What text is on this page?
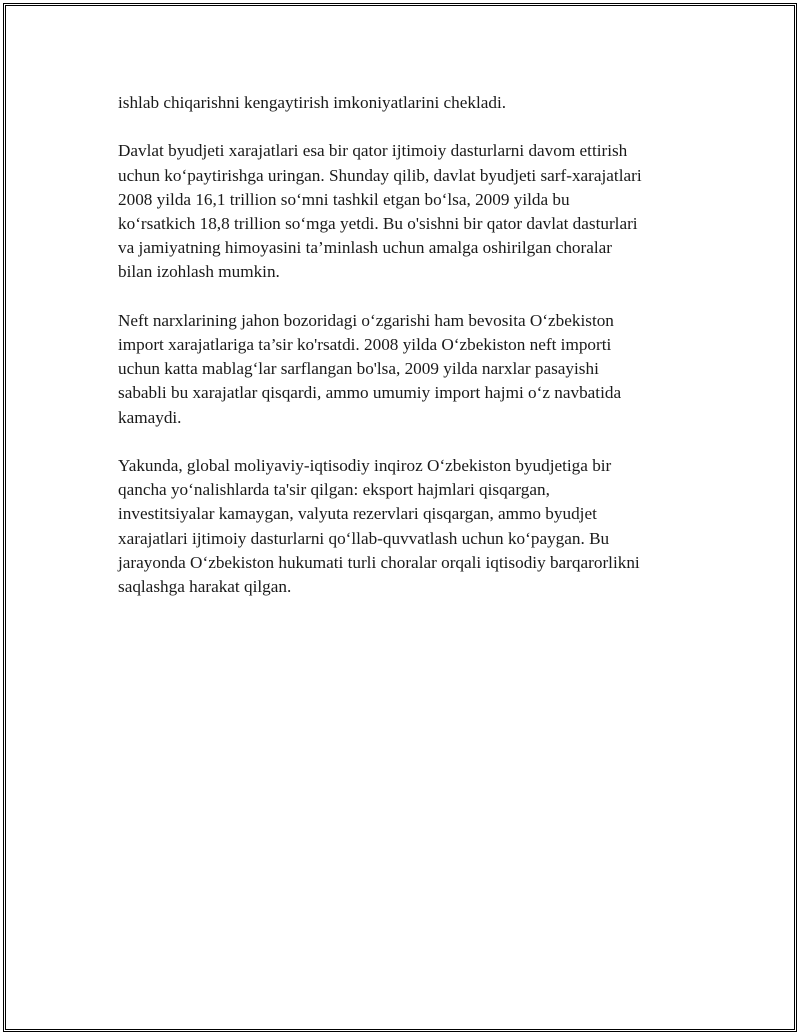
ishlab chiqarishni kengaytirish imkoniyatlarini chekladi.

Davlat byudjeti xarajatlari esa bir qator ijtimoiy dasturlarni davom ettirish
uchun koʻpaytirishga uringan. Shunday qilib, davlat byudjeti sarf-xarajatlari
2008 yilda 16,1 trillion soʻmni tashkil etgan boʻlsa, 2009 yilda bu
koʻrsatkich 18,8 trillion soʻmga yetdi. Bu o'sishni bir qator davlat dasturlari
va jamiyatning himoyasini ta’minlash uchun amalga oshirilgan choralar
bilan izohlash mumkin.

Neft narxlarining jahon bozoridagi oʻzgarishi ham bevosita Oʻzbekiston
import xarajatlariga ta’sir ko'rsatdi. 2008 yilda Oʻzbekiston neft importi
uchun katta mablagʻlar sarflangan bo'lsa, 2009 yilda narxlar pasayishi
sababli bu xarajatlar qisqardi, ammo umumiy import hajmi oʻz navbatida
kamaydi.

Yakunda, global moliyaviy-iqtisodiy inqiroz Oʻzbekiston byudjetiga bir
qancha yoʻnalishlarda ta'sir qilgan: eksport hajmlari qisqargan,
investitsiyalar kamaygan, valyuta rezervlari qisqargan, ammo byudjet
xarajatlari ijtimoiy dasturlarni qoʻllab-quvvatlash uchun koʻpaygan. Bu
jarayonda Oʻzbekiston hukumati turli choralar orqali iqtisodiy barqarorlikni
saqlashga harakat qilgan.
